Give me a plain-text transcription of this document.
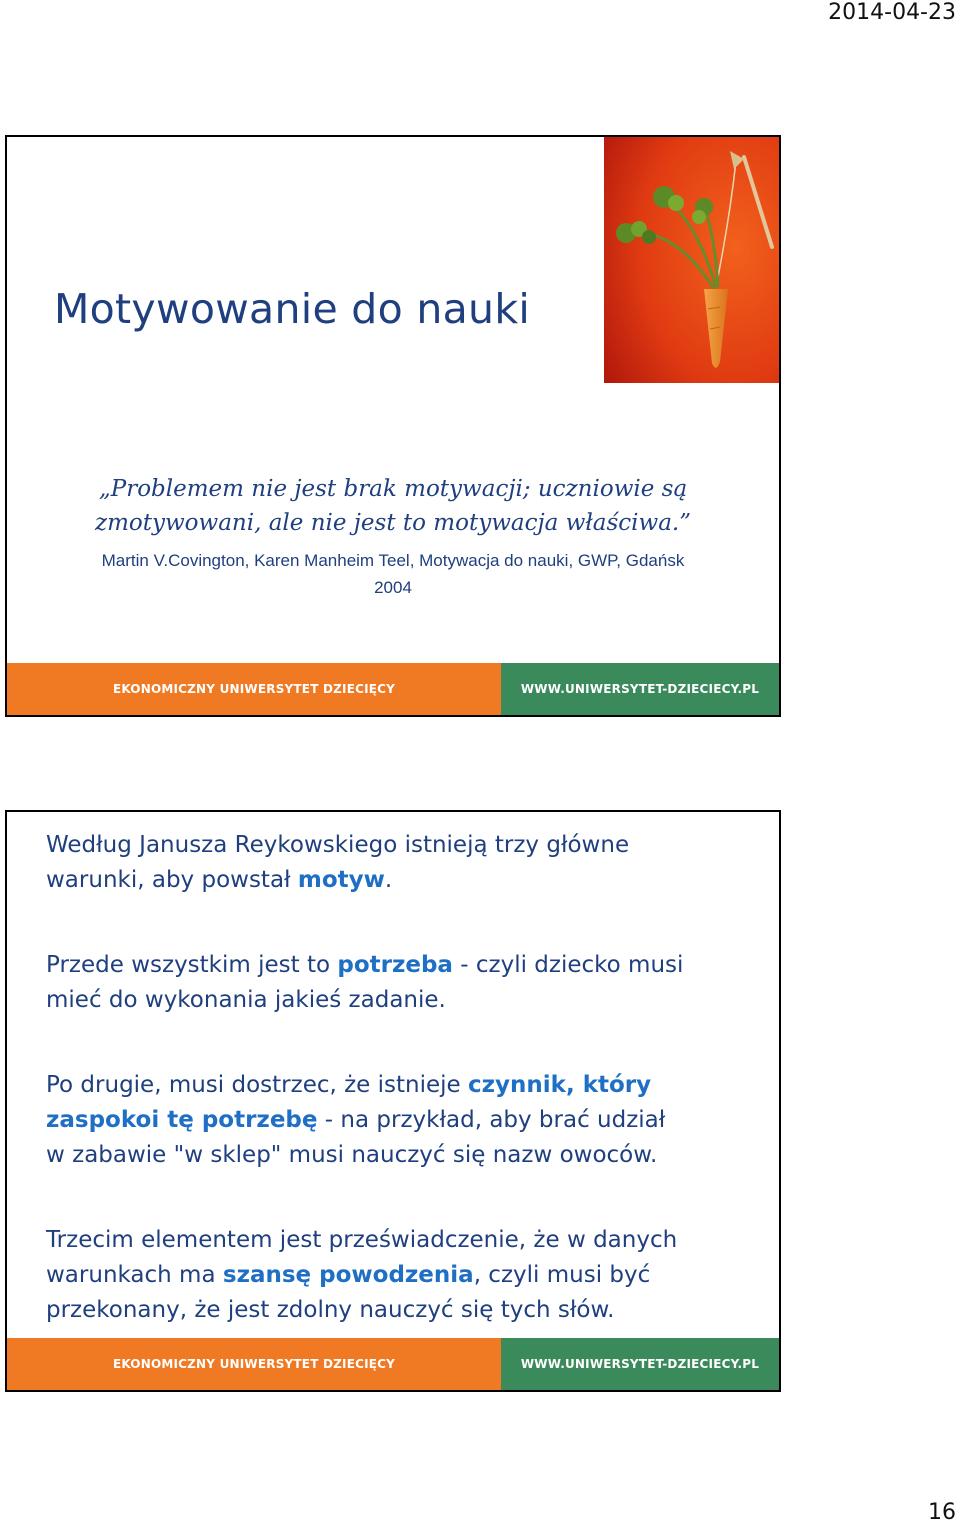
2014-04-23
Motywowanie do nauki

„Problemem nie jest brak motywacji; uczniowie są
zmotywowani, ale nie jest to motywacja właściwa.”

Martin V.Covington, Karen Manheim Teel, Motywacja do nauki, GWP, Gdańsk
2004

EKONOMICZNY UNIWERSYTET DZIECIĘCY	WWW.UNIWERSYTET-DZIECIECY.PL

Według Janusza Reykowskiego istnieją trzy główne
warunki, aby powstał motyw.

Przede wszystkim jest to potrzeba - czyli dziecko musi
mieć do wykonania jakieś zadanie.

Po drugie, musi dostrzec, że istnieje czynnik, który
zaspokoi tę potrzebę - na przykład, aby brać udział
w zabawie "w sklep" musi nauczyć się nazw owoców.

Trzecim elementem jest przeświadczenie, że w danych
warunkach ma szansę powodzenia, czyli musi być
przekonany, że jest zdolny nauczyć się tych słów.

EKONOMICZNY UNIWERSYTET DZIECIĘCY	WWW.UNIWERSYTET-DZIECIECY.PL
16
